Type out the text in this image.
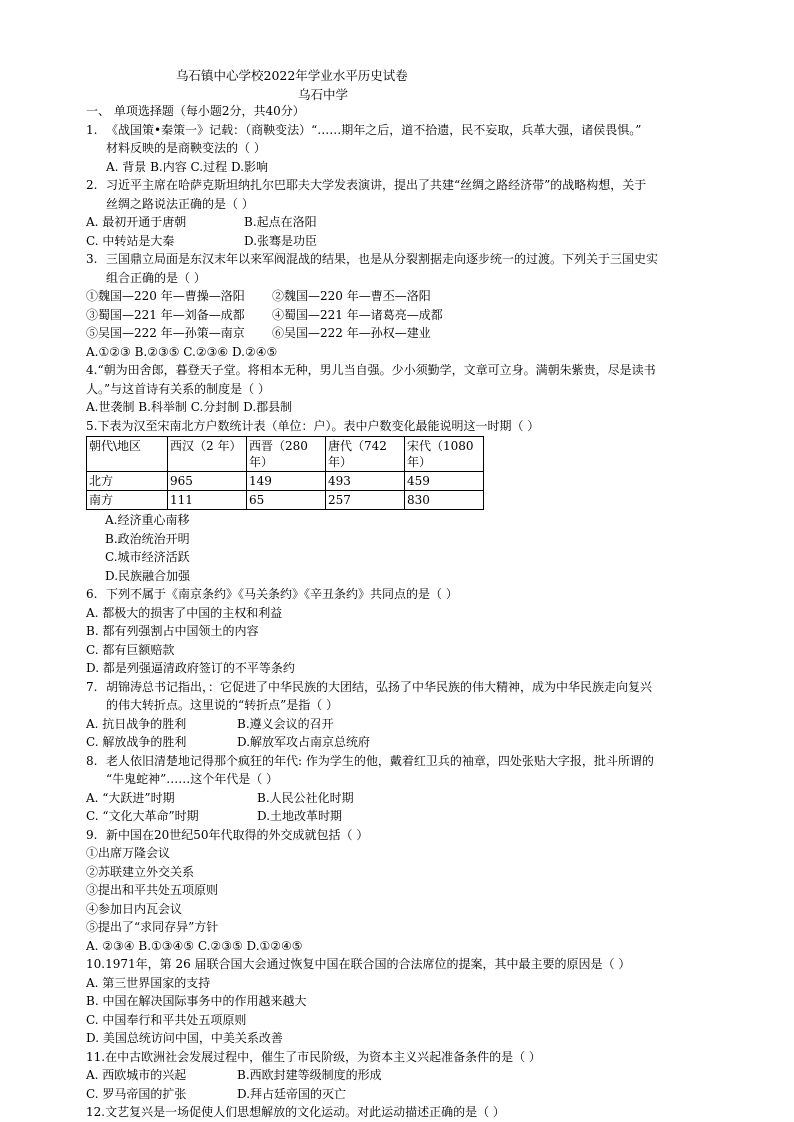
乌石镇中心学校2022年学业水平历史试卷
乌石中学
一、 单项选择题（每小题2分，共40分）
1. 《战国策•秦策一》记载：（商鞅变法）“……期年之后，道不拾遗，民不妄取，兵革大强，诸侯畏惧。”
材料反映的是商鞅变法的（ ）
A. 背景 B.内容 C.过程 D.影响
2. 习近平主席在哈萨克斯坦纳扎尔巴耶夫大学发表演讲，提出了共建“丝绸之路经济带”的战略构想，关于
丝绸之路说法正确的是（ ）
A. 最初开通于唐朝	B.起点在洛阳
C. 中转站是大秦	D.张骞是功臣
3. 三国鼎立局面是东汉末年以来军阀混战的结果，也是从分裂割据走向逐步统一的过渡。下列关于三国史实
组合正确的是（ ）
①魏国—220 年—曹操—洛阳	②魏国—220 年—曹丕—洛阳
③蜀国—221 年—刘备—成都	④蜀国—221 年—诸葛亮—成都
⑤吴国—222 年—孙策—南京	⑥吴国—222 年—孙权—建业
A.①②③ B.②③⑤ C.②③⑥ D.②④⑤
4.“朝为田舍郎，暮登天子堂。将相本无种，男儿当自强。少小须勤学，文章可立身。满朝朱紫贵，尽是读书
人。”与这首诗有关系的制度是（ ）
A.世袭制 B.科举制 C.分封制 D.郡县制
5.下表为汉至宋南北方户数统计表（单位：户）。表中户数变化最能说明这一时期（ ）
朝代\地区	西汉（2 年）	西晋（280 年）	唐代（742 年）	宋代（1080 年）
北方	965	149	493	459
南方	111	65	257	830
A.经济重心南移
B.政治统治开明
C.城市经济活跃
D.民族融合加强
6. 下列不属于《南京条约》《马关条约》《辛丑条约》共同点的是（ ）
A. 都极大的损害了中国的主权和利益
B. 都有列强割占中国领土的内容
C. 都有巨额赔款
D. 都是列强逼清政府签订的不平等条约
7. 胡锦涛总书记指出，：它促进了中华民族的大团结，弘扬了中华民族的伟大精神，成为中华民族走向复兴
的伟大转折点。这里说的“转折点”是指（ ）
A. 抗日战争的胜利	B.遵义会议的召开
C. 解放战争的胜利	D.解放军攻占南京总统府
8. 老人依旧清楚地记得那个疯狂的年代: 作为学生的他，戴着红卫兵的袖章，四处张贴大字报，批斗所谓的
“牛鬼蛇神”……这个年代是（ ）
A. “大跃进”时期	B.人民公社化时期
C. “文化大革命”时期	D.土地改革时期
9. 新中国在20世纪50年代取得的外交成就包括（ ）
①出席万隆会议
②苏联建立外交关系
③提出和平共处五项原则
④参加日内瓦会议
⑤提出了“求同存异”方针
A. ②③④ B.①③④⑤ C.②③⑤ D.①②④⑤
10.1971年，第 26 届联合国大会通过恢复中国在联合国的合法席位的提案，其中最主要的原因是（ ）
A. 第三世界国家的支持
B. 中国在解决国际事务中的作用越来越大
C. 中国奉行和平共处五项原则
D. 美国总统访问中国，中美关系改善
11.在中古欧洲社会发展过程中，催生了市民阶级，为资本主义兴起准备条件的是（ ）
A. 西欧城市的兴起	B.西欧封建等级制度的形成
C. 罗马帝国的扩张	D.拜占廷帝国的灭亡
12.文艺复兴是一场促使人们思想解放的文化运动。对此运动描述正确的是（ ）
